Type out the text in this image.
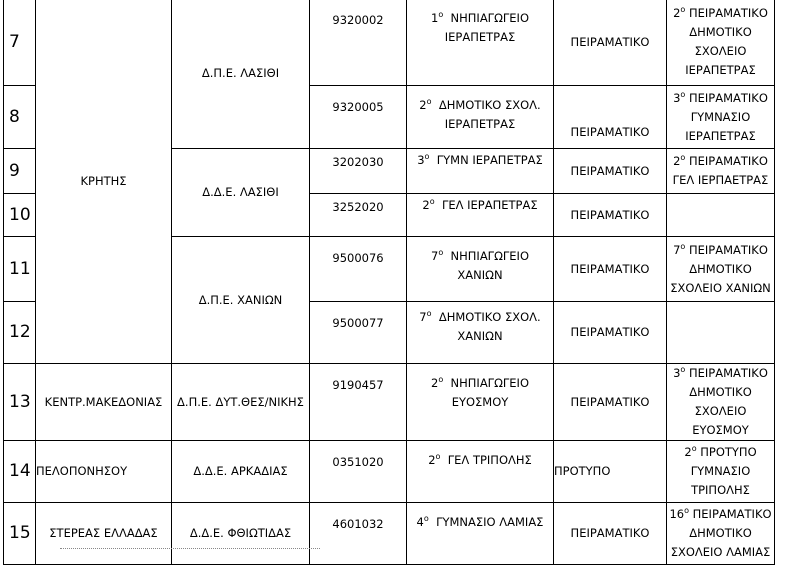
7	ΚΡΗΤΗΣ	Δ.Π.Ε. ΛΑΣΙΘΙ	9320002	$1^o$ ΝΗΠΙΑΓΩΓΕΙΟ ΙΕΡΑΠΕΤΡΑΣ	ΠΕΙΡΑΜΑΤΙΚΟ	$2^o$ ΠΕΙΡΑΜΑΤΙΚΟ ΔΗΜΟΤΙΚΟ ΣΧΟΛΕΙΟ ΙΕΡΑΠΕΤΡΑΣ
8			9320005	$2^o$ ΔΗΜΟΤΙΚΟ ΣΧΟΛ. ΙΕΡΑΠΕΤΡΑΣ	ΠΕΙΡΑΜΑΤΙΚΟ	$3^o$ ΠΕΙΡΑΜΑΤΙΚΟ ΓΥΜΝΑΣΙΟ ΙΕΡΑΠΕΤΡΑΣ
9		Δ.Δ.Ε. ΛΑΣΙΘΙ	3202030	$3^o$ ΓΥΜΝ ΙΕΡΑΠΕΤΡΑΣ	ΠΕΙΡΑΜΑΤΙΚΟ	$2^o$ ΠΕΙΡΑΜΑΤΙΚΟ ΓΕΛ ΙΕΡΠΑΕΤΡΑΣ
10			3252020	$2^o$ ΓΕΛ ΙΕΡΑΠΕΤΡΑΣ	ΠΕΙΡΑΜΑΤΙΚΟ	
11		Δ.Π.Ε. ΧΑΝΙΩΝ	9500076	$7^o$ ΝΗΠΙΑΓΩΓΕΙΟ ΧΑΝΙΩΝ	ΠΕΙΡΑΜΑΤΙΚΟ	$7^o$ ΠΕΙΡΑΜΑΤΙΚΟ ΔΗΜΟΤΙΚΟ ΣΧΟΛΕΙΟ ΧΑΝΙΩΝ
12			9500077	$7^o$ ΔΗΜΟΤΙΚΟ ΣΧΟΛ. ΧΑΝΙΩΝ	ΠΕΙΡΑΜΑΤΙΚΟ	
13	ΚΕΝΤΡ.ΜΑΚΕΔΟΝΙΑΣ	Δ.Π.Ε. ΔΥΤ.ΘΕΣ/ΝΙΚΗΣ	9190457	$2^o$ ΝΗΠΙΑΓΩΓΕΙΟ ΕΥΟΣΜΟΥ	ΠΕΙΡΑΜΑΤΙΚΟ	$3^o$ ΠΕΙΡΑΜΑΤΙΚΟ ΔΗΜΟΤΙΚΟ ΣΧΟΛΕΙΟ ΕΥΟΣΜΟΥ
14	ΠΕΛΟΠΟΝΗΣΟΥ	Δ.Δ.Ε. ΑΡΚΑΔΙΑΣ	0351020	$2^o$ ΓΕΛ ΤΡΙΠΟΛΗΣ	ΠΡΟΤΥΠΟ	$2^o$ ΠΡΟΤΥΠΟ ΓΥΜΝΑΣΙΟ ΤΡΙΠΟΛΗΣ
15	ΣΤΕΡΕΑΣ ΕΛΛΑΔΑΣ	Δ.Δ.Ε. ΦΘΙΩΤΙΔΑΣ	4601032	$4^o$ ΓΥΜΝΑΣΙΟ ΛΑΜΙΑΣ	ΠΕΙΡΑΜΑΤΙΚΟ	$16^o$ ΠΕΙΡΑΜΑΤΙΚΟ ΔΗΜΟΤΙΚΟ ΣΧΟΛΕΙΟ ΛΑΜΙΑΣ
